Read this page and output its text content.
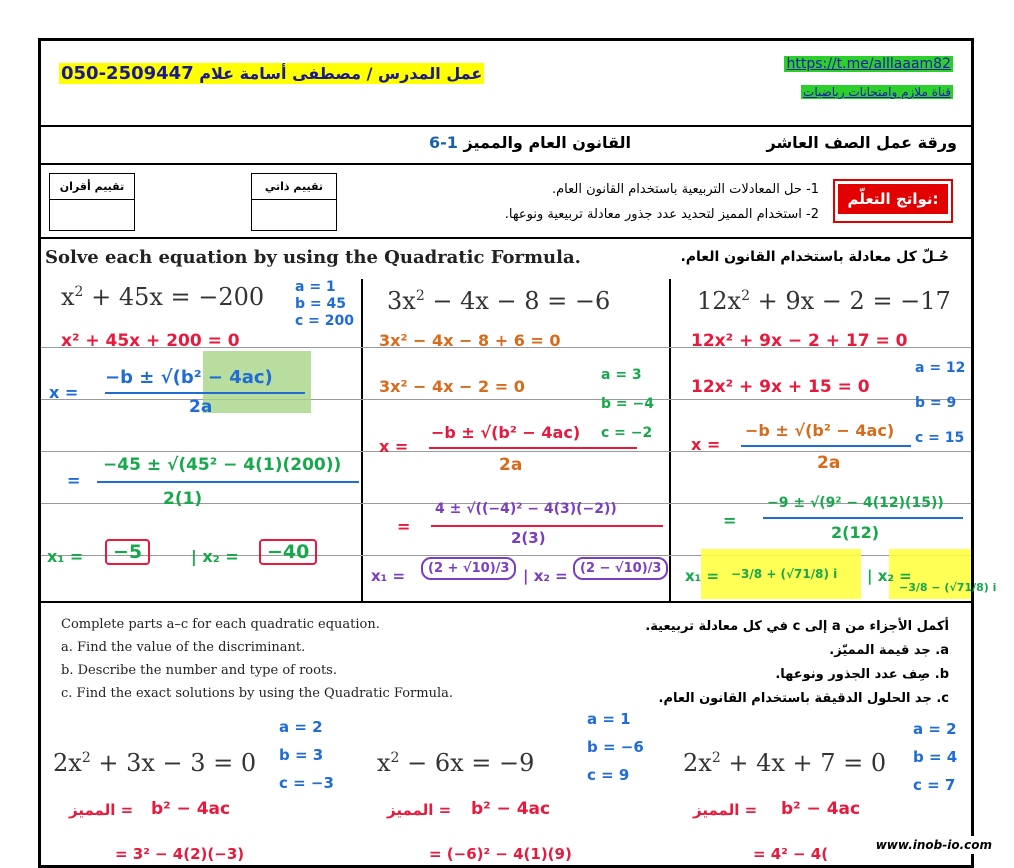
050-2509447 عمل المدرس / مصطفى أسامة علام	https://t.me/alllaaam82
قناة ملازم وامتحانات رياضيات
ورقة عمل الصف العاشر
القانون العام والمميز 1-6
نواتج التعلّم:
1- حل المعادلات التربيعية باستخدام القانون العام.
2- استخدام المميز لتحديد عدد جذور معادلة تربيعية ونوعها.
تقييم ذاتي
تقييم أقران
Solve each equation by using the Quadratic Formula.	حُـلّ كل معادلة باستخدام القانون العام.
$x^2 + 45x = -200$ a = 1
b = 45
c = 200
x² + 45x + 200 = 0
x =
−b ± √(b² − 4ac)
2a
=
−45 ± √(45² − 4(1)(200))
2(1)
x₁ =	−5	| x₂ =	−40
$3x^2 - 4x - 8 = -6$
3x² − 4x − 8 + 6 = 0
3x² − 4x − 2 = 0
a = 3
b = −4
c = −2
x =
−b ± √(b² − 4ac)
2a
=
4 ± √((−4)² − 4(3)(−2))
2(3)
x₁ =	(2 + √10)/3 | x₂ = (2 − √10)/3
$12x^2 + 9x - 2 = -17$
12x² + 9x − 2 + 17 = 0
12x² + 9x + 15 = 0
a = 12
b = 9
c = 15
x =
−b ± √(b² − 4ac)
2a
=
−9 ± √(9² − 4(12)(15))
2(12)
x₁ = −3/8 + (√71/8) i | x₂ =
−3/8 − (√71/8) i
Complete parts a–c for each quadratic equation.
a. Find the value of the discriminant.
b. Describe the number and type of roots.
c. Find the exact solutions by using the Quadratic Formula.
أكمل الأجزاء من a إلى c في كل معادلة تربيعية.
a. جد قيمة المميّز.
b. صِف عدد الجذور ونوعها.
c. جد الحلول الدقيقة باستخدام القانون العام.
$2x^2 + 3x - 3 = 0$
a = 2
b = 3
c = −3
المميز = b² − 4ac
= 3² − 4(2)(−3)
$x^2 - 6x = -9$
a = 1
b = −6
c = 9
المميز = b² − 4ac
= (−6)² − 4(1)(9)
$2x^2 + 4x + 7 = 0$
a = 2
b = 4
c = 7
المميز = b² − 4ac
= 4² − 4(	www.inob-io.com
